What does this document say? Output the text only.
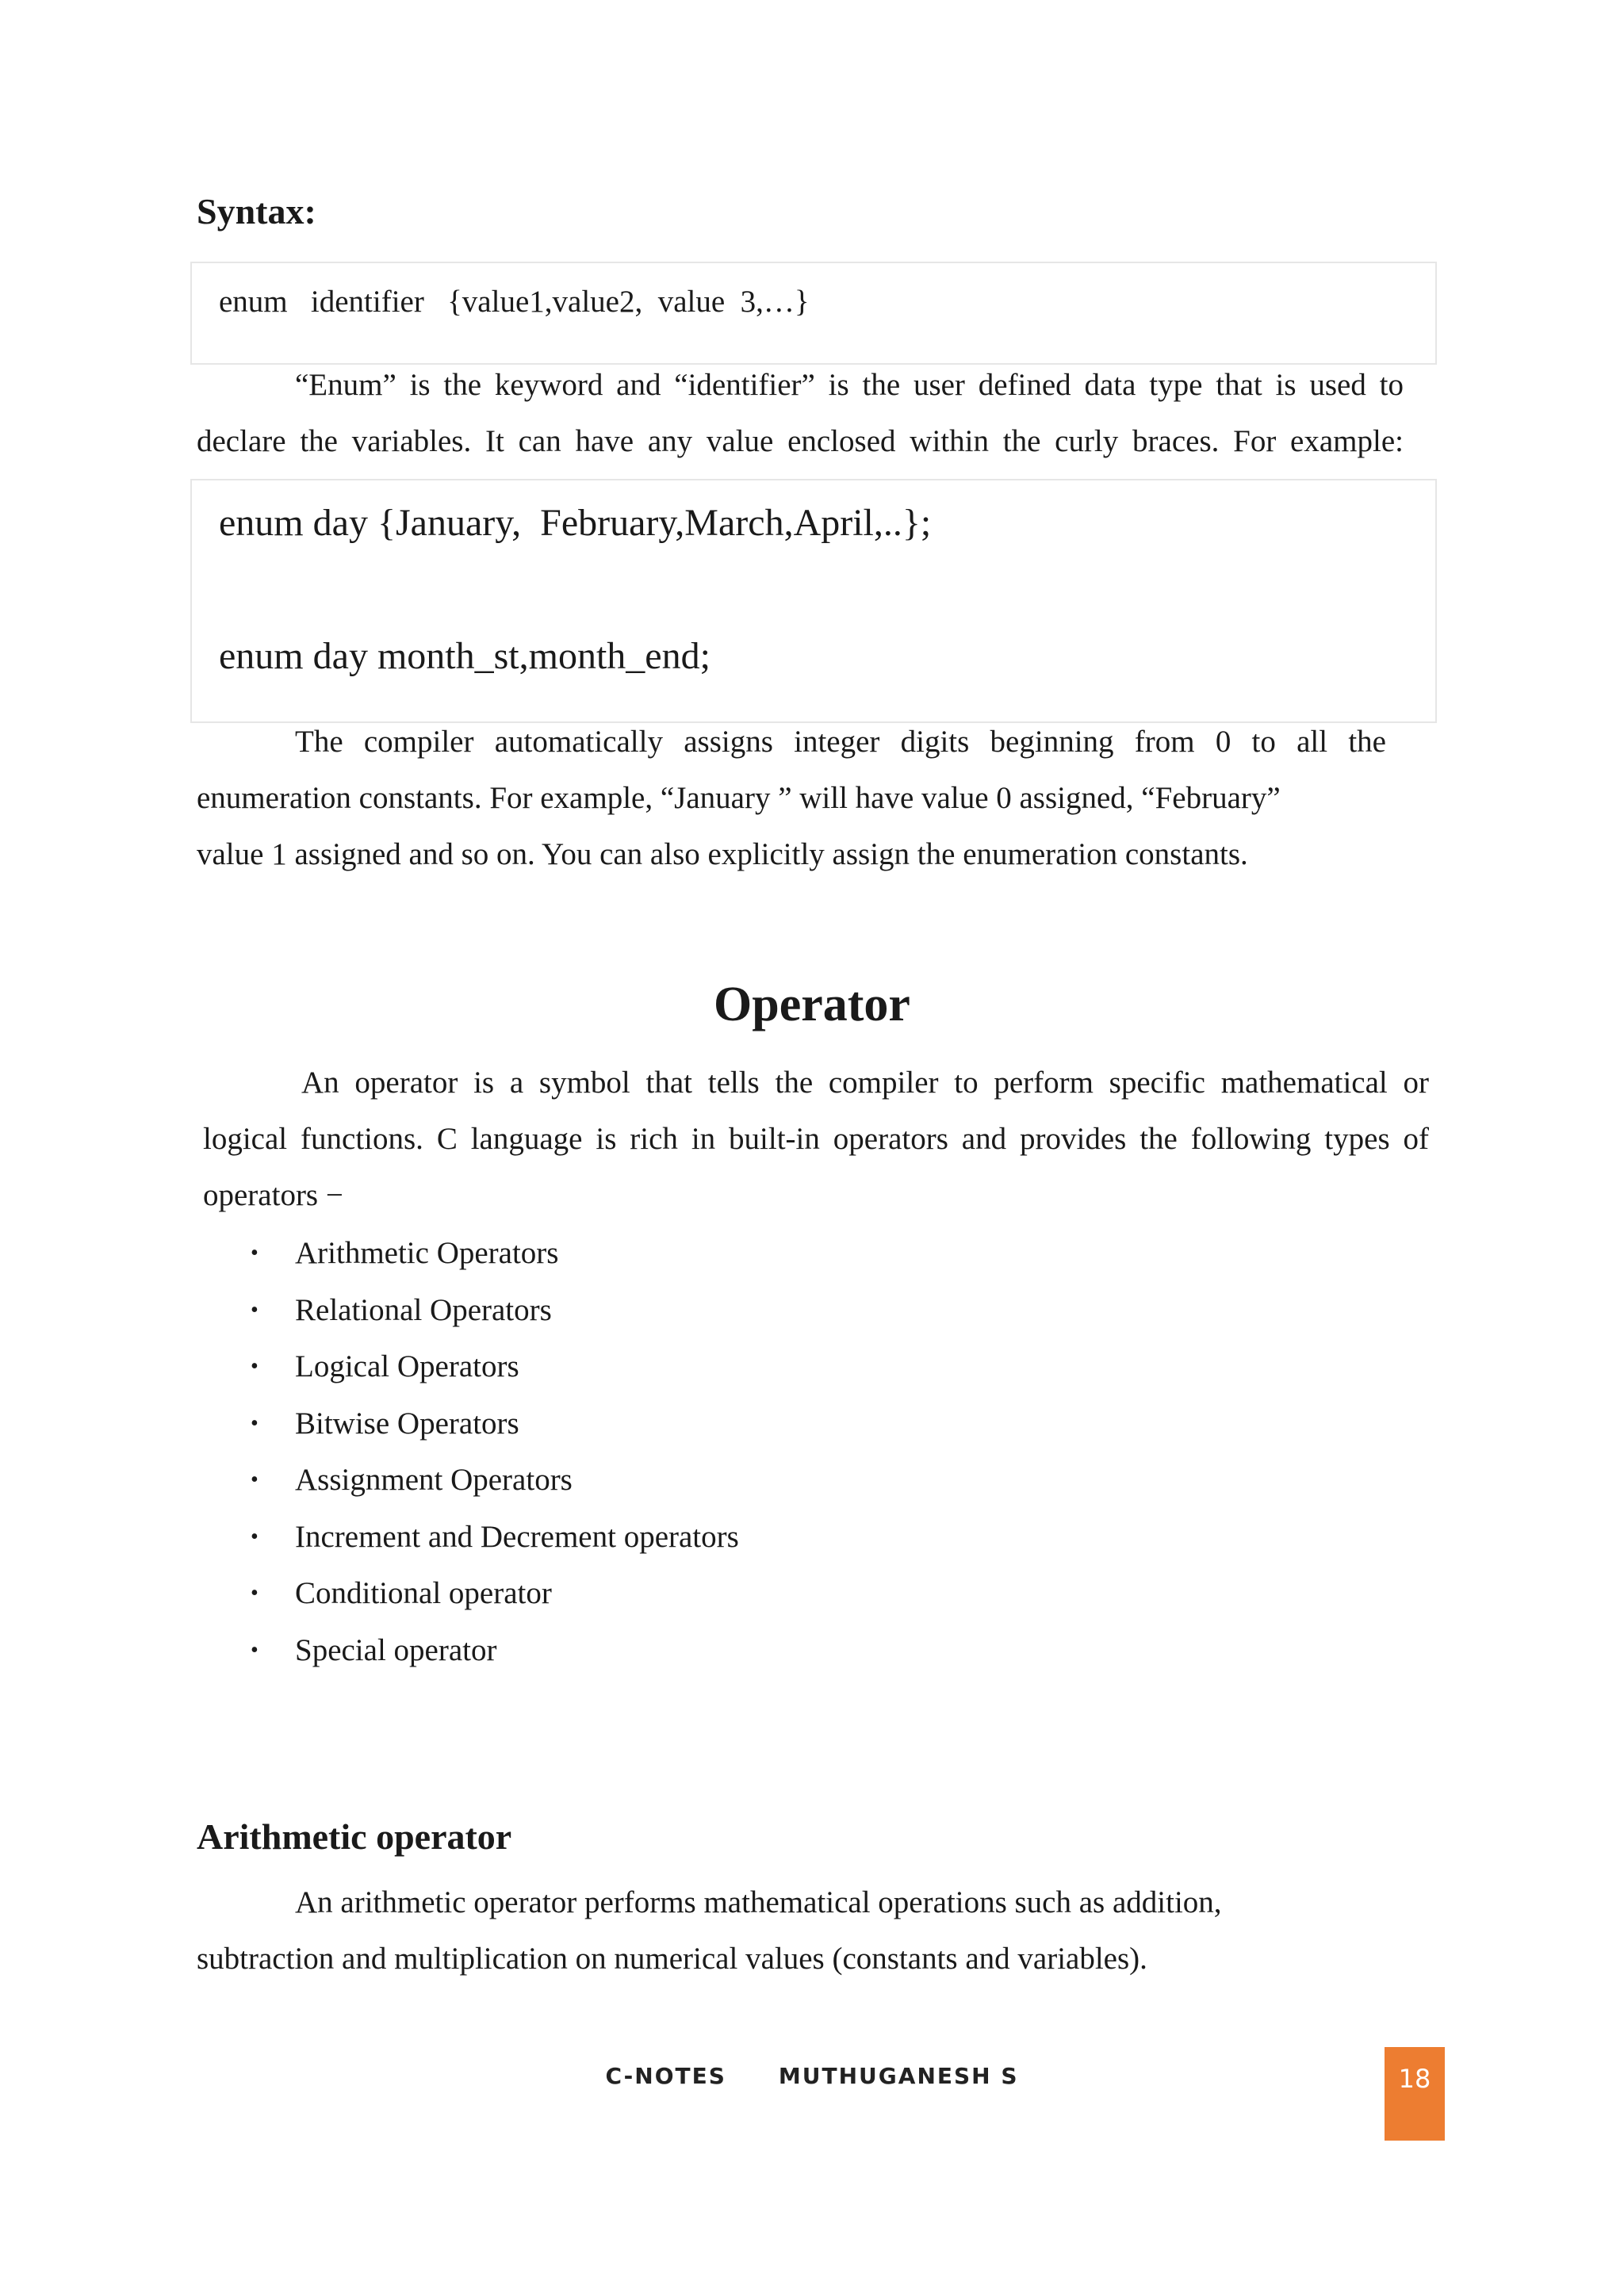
Syntax:
enum   identifier   {value1,value2,  value  3,…}

“Enum” is the keyword and “identifier” is the user defined data type that is used to
declare the variables. It can have any value enclosed within the curly braces. For example:

enum day {January,  February,March,April,..};
enum day month_st,month_end;

The compiler automatically assigns integer digits beginning from 0 to all the
enumeration constants. For example, “January ” will have value 0 assigned, “February”
value 1 assigned and so on. You can also explicitly assign the enumeration constants.

Operator

An operator is a symbol that tells the compiler to perform specific mathematical or
logical functions. C language is rich in built-in operators and provides the following types of
operators −

• Arithmetic Operators
• Relational Operators
• Logical Operators
• Bitwise Operators
• Assignment Operators
• Increment and Decrement operators
• Conditional operator
• Special operator
Arithmetic operator

An arithmetic operator performs mathematical operations such as addition,
subtraction and multiplication on numerical values (constants and variables).

C-NOTES MUTHUGANESH S	18
